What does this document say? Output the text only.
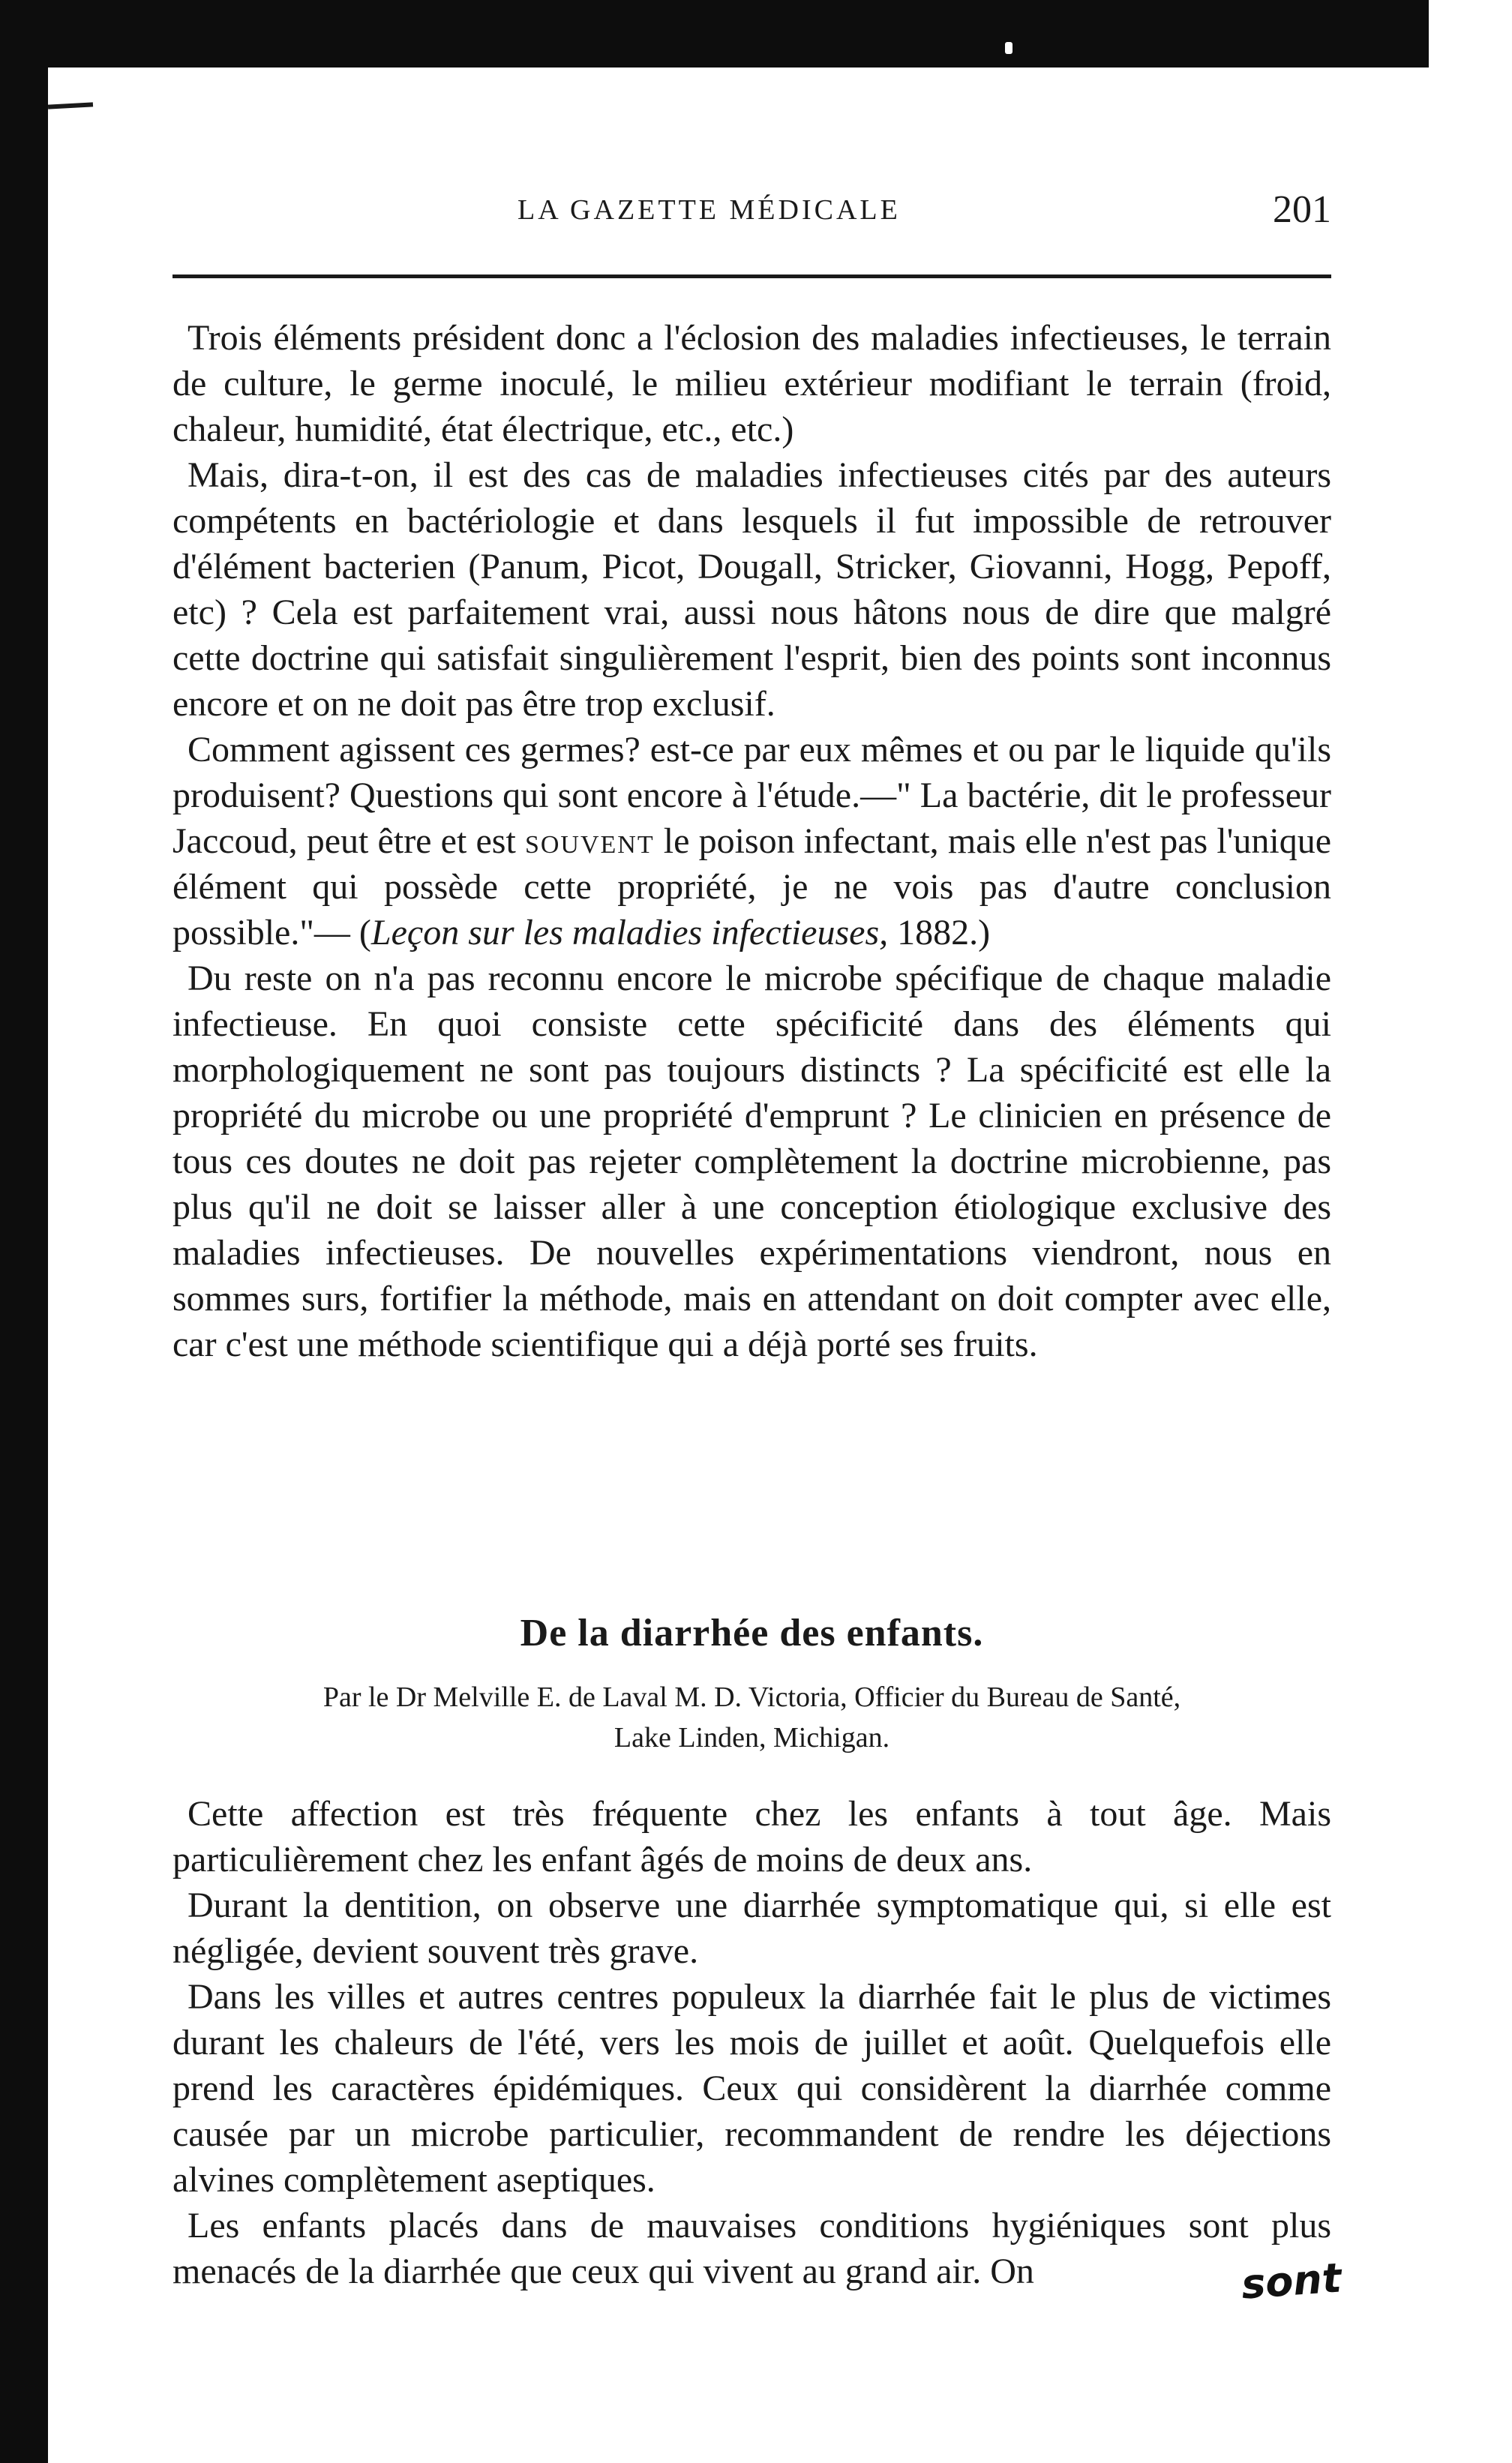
LA GAZETTE MÉDICALE	201

Trois éléments président donc a l'éclosion des maladies infectieuses, le terrain de culture, le germe inoculé, le milieu extérieur modifiant le terrain (froid, chaleur, humidité, état électrique, etc., etc.)

Mais, dira-t-on, il est des cas de maladies infectieuses cités par des auteurs compétents en bactériologie et dans lesquels il fut impossible de retrouver d'élément bacterien (Panum, Picot, Dougall, Stricker, Giovanni, Hogg, Pepoff, etc) ? Cela est parfaitement vrai, aussi nous hâtons nous de dire que malgré cette doctrine qui satisfait singulièrement l'esprit, bien des points sont inconnus encore et on ne doit pas être trop exclusif.

Comment agissent ces germes? est-ce par eux mêmes et ou par le liquide qu'ils produisent? Questions qui sont encore à l'étude.—" La bactérie, dit le professeur Jaccoud, peut être et est souvent le poison infectant, mais elle n'est pas l'unique élément qui possède cette propriété, je ne vois pas d'autre conclusion possible."— (Leçon sur les maladies infectieuses, 1882.)

Du reste on n'a pas reconnu encore le microbe spécifique de chaque maladie infectieuse. En quoi consiste cette spécificité dans des éléments qui morphologiquement ne sont pas toujours distincts ? La spécificité est elle la propriété du microbe ou une propriété d'emprunt ? Le clinicien en présence de tous ces doutes ne doit pas rejeter complètement la doctrine microbienne, pas plus qu'il ne doit se laisser aller à une conception étiologique exclusive des maladies infectieuses. De nouvelles expérimentations viendront, nous en sommes surs, fortifier la méthode, mais en attendant on doit compter avec elle, car c'est une méthode scientifique qui a déjà porté ses fruits.

De la diarrhée des enfants.
Par le Dr Melville E. de Laval M. D. Victoria, Officier du Bureau de Santé,
Lake Linden, Michigan.

Cette affection est très fréquente chez les enfants à tout âge. Mais particulièrement chez les enfant âgés de moins de deux ans.

Durant la dentition, on observe une diarrhée symptomatique qui, si elle est négligée, devient souvent très grave.

Dans les villes et autres centres populeux la diarrhée fait le plus de victimes durant les chaleurs de l'été, vers les mois de juillet et août. Quelquefois elle prend les caractères épidémiques. Ceux qui considèrent la diarrhée comme causée par un microbe particulier, recommandent de rendre les déjections alvines complètement aseptiques.

Les enfants placés dans de mauvaises conditions hygiéniques sont plus menacés de la diarrhée que ceux qui vivent au grand air. On	sont
